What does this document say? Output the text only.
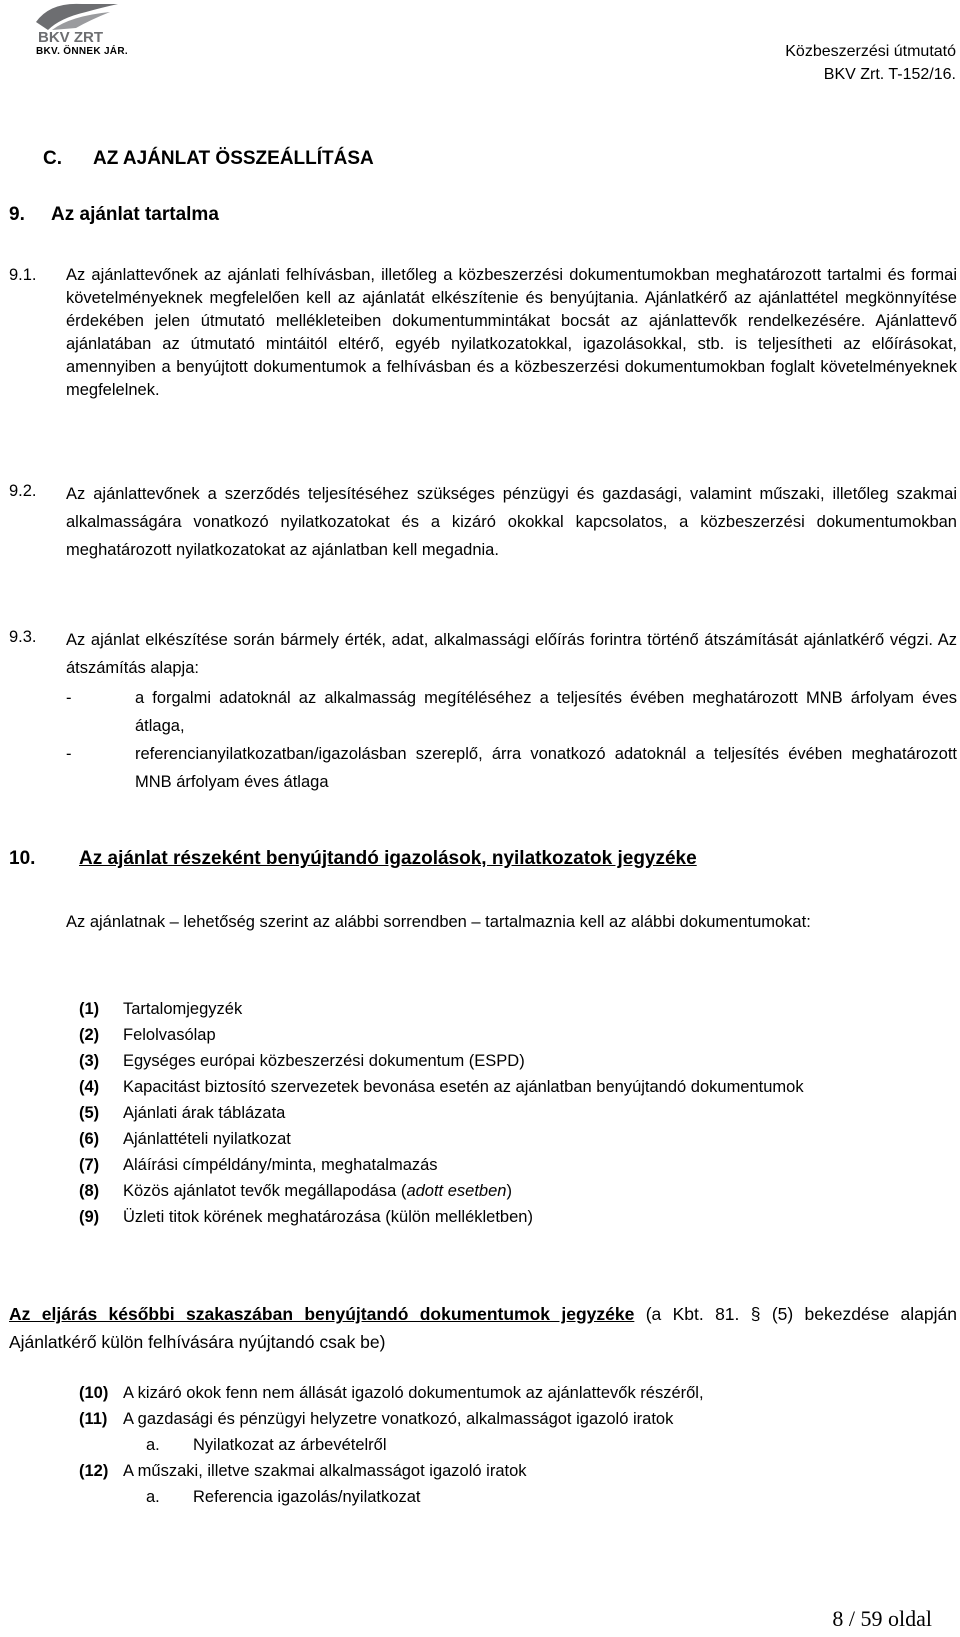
BKV ZRT
BKV. ÖNNEK JÁR.	Közbeszerzési útmutató
BKV Zrt. T-152/16.
C. AZ AJÁNLAT ÖSSZEÁLLÍTÁSA
9. Az ajánlat tartalma
9.1. Az ajánlattevőnek az ajánlati felhívásban, illetőleg a közbeszerzési dokumentumokban meghatározott tartalmi és formai követelményeknek megfelelően kell az ajánlatát elkészítenie és benyújtania. Ajánlatkérő az ajánlattétel megkönnyítése érdekében jelen útmutató mellékleteiben dokumentummintákat bocsát az ajánlattevők rendelkezésére. Ajánlattevő ajánlatában az útmutató mintáitól eltérő, egyéb nyilatkozatokkal, igazolásokkal, stb. is teljesítheti az előírásokat, amennyiben a benyújtott dokumentumok a felhívásban és a közbeszerzési dokumentumokban foglalt követelményeknek megfelelnek.
9.2. Az ajánlattevőnek a szerződés teljesítéséhez szükséges pénzügyi és gazdasági, valamint műszaki, illetőleg szakmai alkalmasságára vonatkozó nyilatkozatokat és a kizáró okokkal kapcsolatos, a közbeszerzési dokumentumokban meghatározott nyilatkozatokat az ajánlatban kell megadnia.
9.3. Az ajánlat elkészítése során bármely érték, adat, alkalmassági előírás forintra történő átszámítását ajánlatkérő végzi. Az átszámítás alapja:
-	a forgalmi adatoknál az alkalmasság megítéléséhez a teljesítés évében meghatározott MNB árfolyam éves átlaga,
-	referencianyilatkozatban/igazolásban szereplő, árra vonatkozó adatoknál a teljesítés évében meghatározott MNB árfolyam éves átlaga
10. Az ajánlat részeként benyújtandó igazolások, nyilatkozatok jegyzéke
Az ajánlatnak – lehetőség szerint az alábbi sorrendben – tartalmaznia kell az alábbi dokumentumokat:
(1) Tartalomjegyzék
(2) Felolvasólap
(3) Egységes európai közbeszerzési dokumentum (ESPD)
(4) Kapacitást biztosító szervezetek bevonása esetén az ajánlatban benyújtandó dokumentumok
(5) Ajánlati árak táblázata
(6) Ajánlattételi nyilatkozat
(7) Aláírási címpéldány/minta, meghatalmazás
(8) Közös ajánlatot tevők megállapodása (adott esetben)
(9) Üzleti titok körének meghatározása (külön mellékletben)
Az eljárás későbbi szakaszában benyújtandó dokumentumok jegyzéke (a Kbt. 81. § (5) bekezdése alapján Ajánlatkérő külön felhívására nyújtandó csak be)
(10) A kizáró okok fenn nem állását igazoló dokumentumok az ajánlattevők részéről,
(11) A gazdasági és pénzügyi helyzetre vonatkozó, alkalmasságot igazoló iratok
a. Nyilatkozat az árbevételről
(12) A műszaki, illetve szakmai alkalmasságot igazoló iratok
a. Referencia igazolás/nyilatkozat
8 / 59 oldal
